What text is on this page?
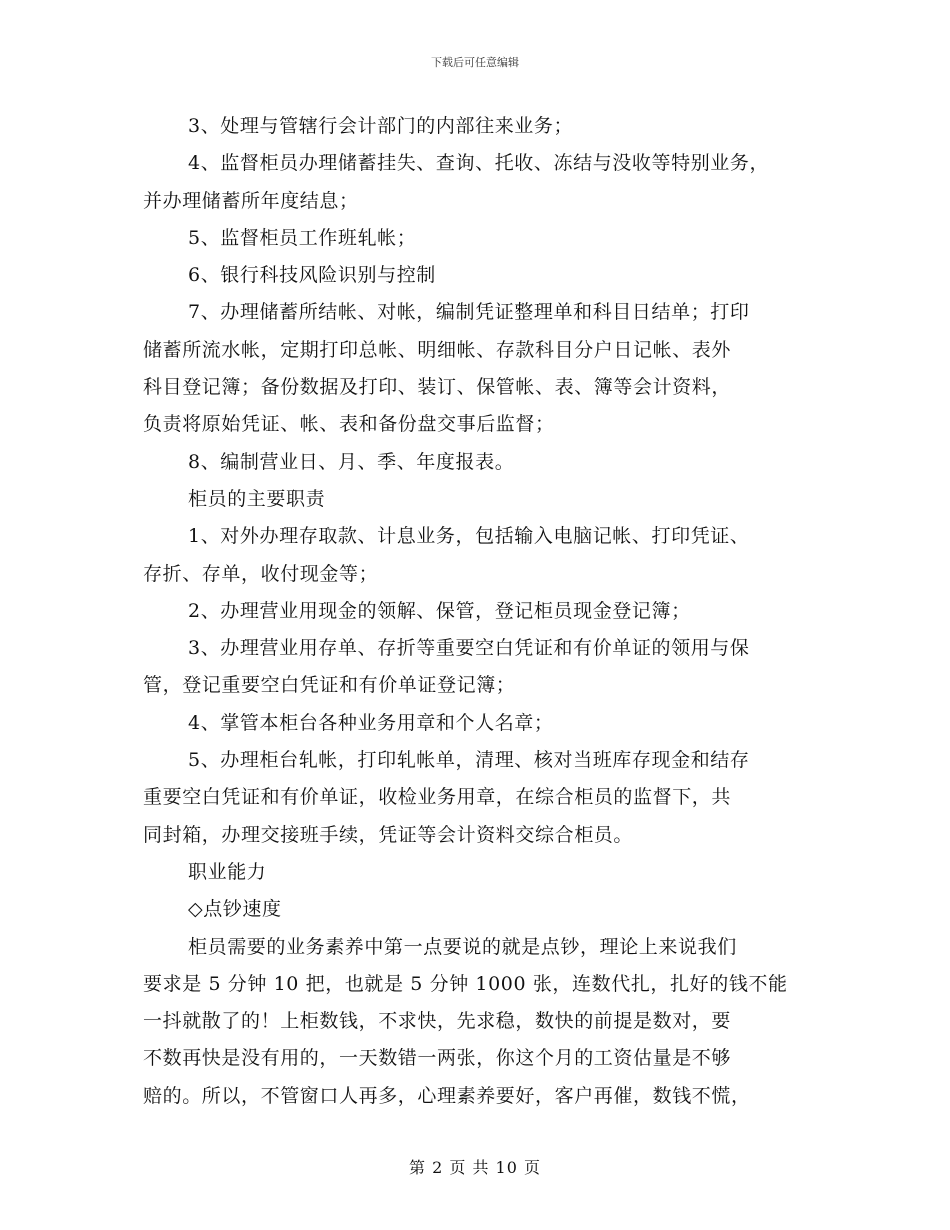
下载后可任意编辑
3、处理与管辖行会计部门的内部往来业务；
4、监督柜员办理储蓄挂失、查询、托收、冻结与没收等特别业务，
并办理储蓄所年度结息；
5、监督柜员工作班轧帐；
6、银行科技风险识别与控制
7、办理储蓄所结帐、对帐，编制凭证整理单和科目日结单；打印
储蓄所流水帐，定期打印总帐、明细帐、存款科目分户日记帐、表外
科目登记簿；备份数据及打印、装订、保管帐、表、簿等会计资料，
负责将原始凭证、帐、表和备份盘交事后监督；
8、编制营业日、月、季、年度报表。
柜员的主要职责
1、对外办理存取款、计息业务，包括输入电脑记帐、打印凭证、
存折、存单，收付现金等；
2、办理营业用现金的领解、保管，登记柜员现金登记簿；
3、办理营业用存单、存折等重要空白凭证和有价单证的领用与保
管，登记重要空白凭证和有价单证登记簿；
4、掌管本柜台各种业务用章和个人名章；
5、办理柜台轧帐，打印轧帐单，清理、核对当班库存现金和结存
重要空白凭证和有价单证，收检业务用章，在综合柜员的监督下，共
同封箱，办理交接班手续，凭证等会计资料交综合柜员。
职业能力
◇点钞速度
柜员需要的业务素养中第一点要说的就是点钞，理论上来说我们
要求是 5 分钟 10 把，也就是 5 分钟 1000 张，连数代扎，扎好的钱不能
一抖就散了的！上柜数钱，不求快，先求稳，数快的前提是数对，要
不数再快是没有用的，一天数错一两张，你这个月的工资估量是不够
赔的。所以，不管窗口人再多，心理素养要好，客户再催，数钱不慌，
第 2 页 共 10 页
